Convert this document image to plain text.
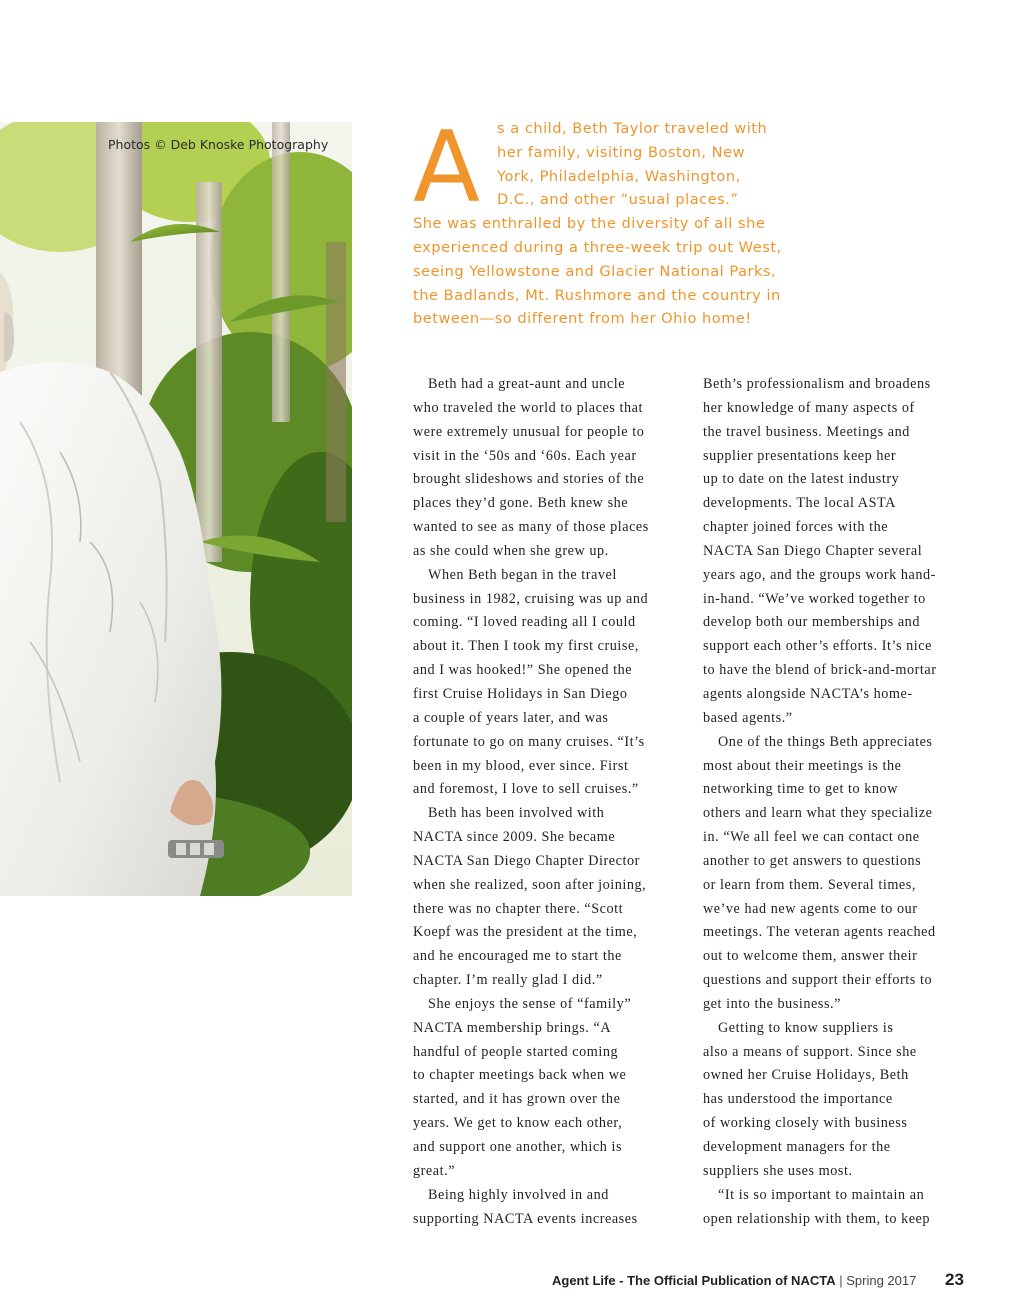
Photos © Deb Knoske Photography A	s a child, Beth Taylor traveled with
her family, visiting Boston, New
York, Philadelphia, Washington,
D.C., and other “usual places.”
She was enthralled by the diversity of all she
experienced during a three-week trip out West,
seeing Yellowstone and Glacier National Parks,
the Badlands, Mt. Rushmore and the country in
between—so different from her Ohio home!
Beth had a great-aunt and uncle
who traveled the world to places that
were extremely unusual for people to
visit in the ‘50s and ‘60s. Each year
brought slideshows and stories of the
places they’d gone. Beth knew she
wanted to see as many of those places
as she could when she grew up.
When Beth began in the travel
business in 1982, cruising was up and
coming. “I loved reading all I could
about it. Then I took my first cruise,
and I was hooked!” She opened the
first Cruise Holidays in San Diego
a couple of years later, and was
fortunate to go on many cruises. “It’s
been in my blood, ever since. First
and foremost, I love to sell cruises.”
Beth has been involved with
NACTA since 2009. She became
NACTA San Diego Chapter Director
when she realized, soon after joining,
there was no chapter there. “Scott
Koepf was the president at the time,
and he encouraged me to start the
chapter. I’m really glad I did.”
She enjoys the sense of “family”
NACTA membership brings. “A
handful of people started coming
to chapter meetings back when we
started, and it has grown over the
years. We get to know each other,
and support one another, which is
great.”
Being highly involved in and
supporting NACTA events increases
Beth’s professionalism and broadens
her knowledge of many aspects of
the travel business. Meetings and
supplier presentations keep her
up to date on the latest industry
developments. The local ASTA
chapter joined forces with the
NACTA San Diego Chapter several
years ago, and the groups work hand-
in-hand. “We’ve worked together to
develop both our memberships and
support each other’s efforts. It’s nice
to have the blend of brick-and-mortar
agents alongside NACTA’s home-
based agents.”
One of the things Beth appreciates
most about their meetings is the
networking time to get to know
others and learn what they specialize
in. “We all feel we can contact one
another to get answers to questions
or learn from them. Several times,
we’ve had new agents come to our
meetings. The veteran agents reached
out to welcome them, answer their
questions and support their efforts to
get into the business.”
Getting to know suppliers is
also a means of support. Since she
owned her Cruise Holidays, Beth
has understood the importance
of working closely with business
development managers for the
suppliers she uses most.
“It is so important to maintain an
open relationship with them, to keep
Agent Life - The Official Publication of NACTA | Spring 2017 23
